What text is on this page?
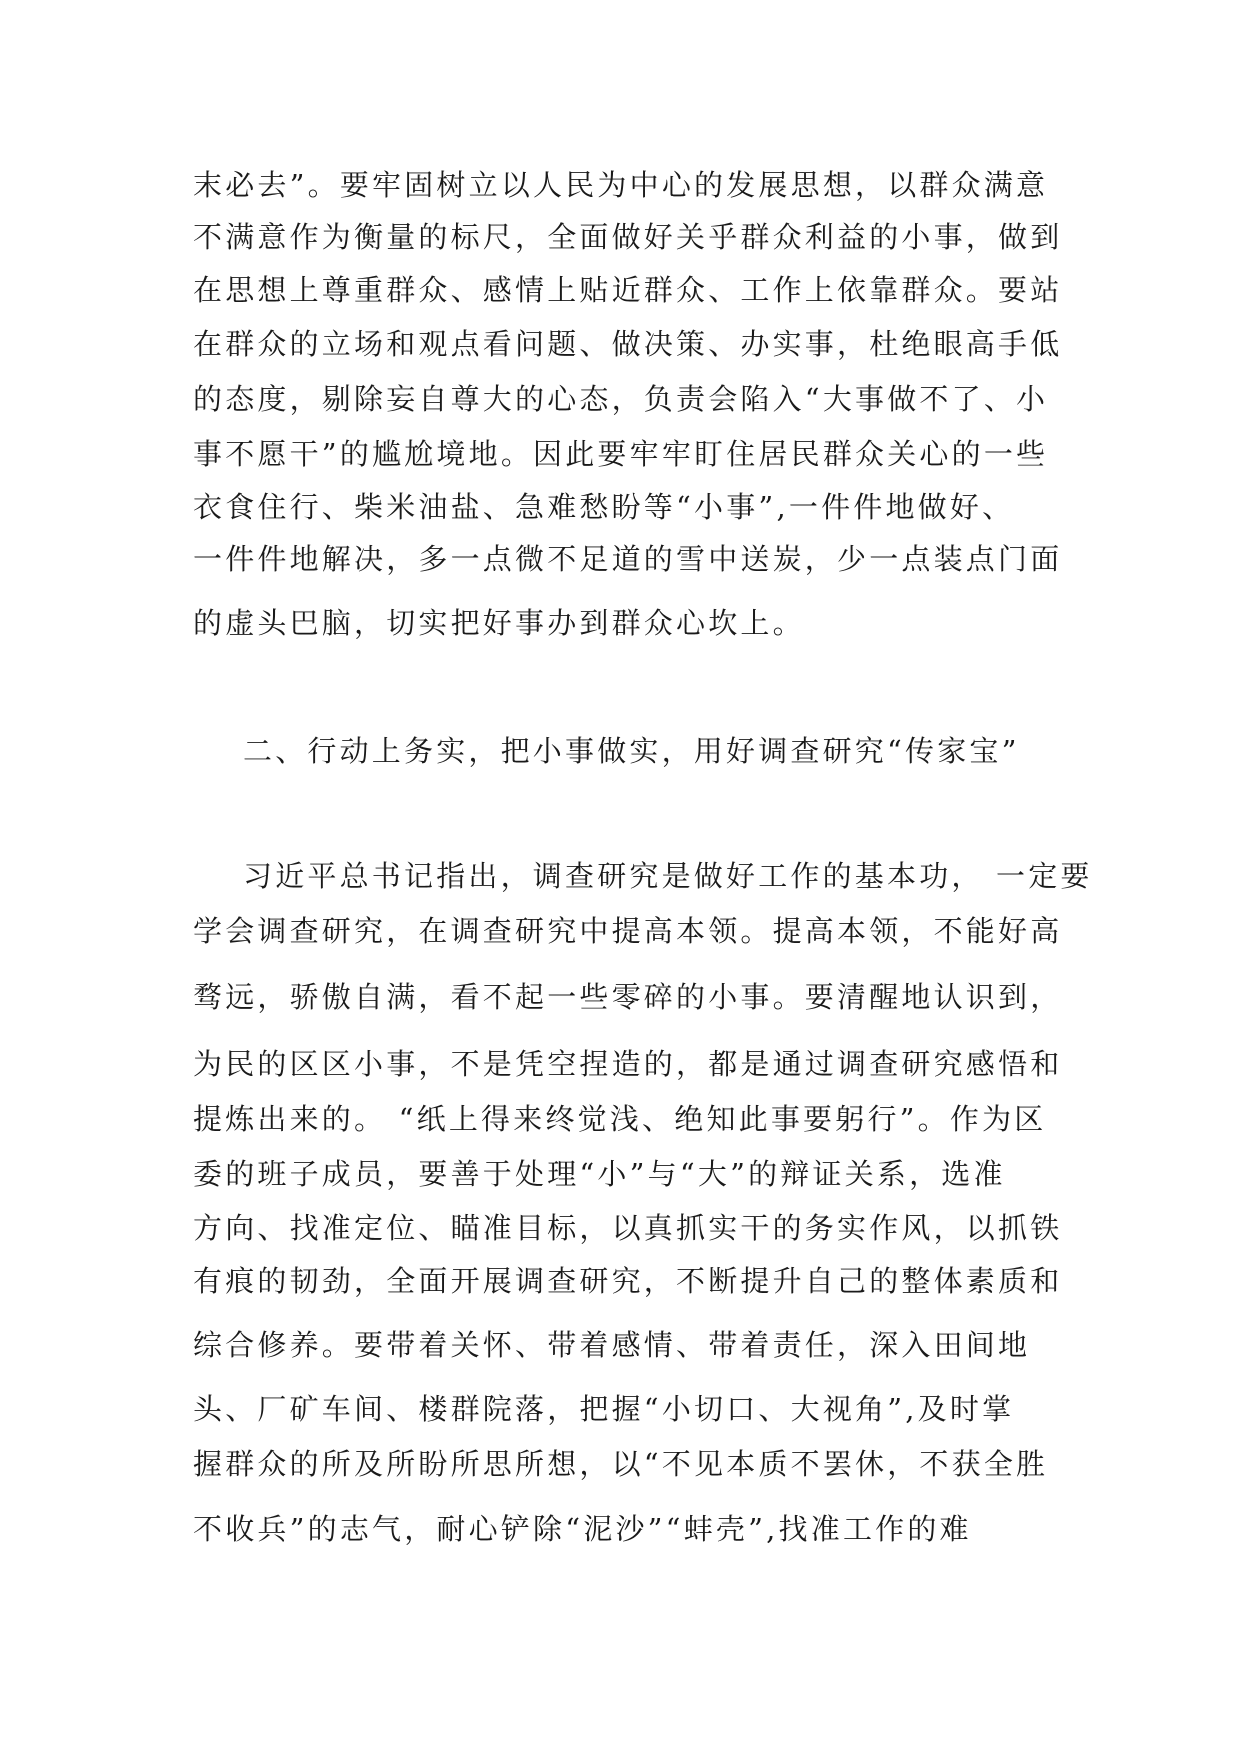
末必去”。要牢固树立以人民为中心的发展思想，以群众满意
不满意作为衡量的标尺，全面做好关乎群众利益的小事，做到
在思想上尊重群众、感情上贴近群众、工作上依靠群众。要站
在群众的立场和观点看问题、做决策、办实事，杜绝眼高手低
的态度，剔除妄自尊大的心态，负责会陷入“大事做不了、小
事不愿干”的尴尬境地。因此要牢牢盯住居民群众关心的一些
衣食住行、柴米油盐、急难愁盼等“小事”,一件件地做好、
一件件地解决，多一点微不足道的雪中送炭，少一点装点门面
的虚头巴脑，切实把好事办到群众心坎上。
二、行动上务实，把小事做实，用好调查研究“传家宝”
习近平总书记指出，调查研究是做好工作的基本功， 一定要
学会调查研究，在调查研究中提高本领。提高本领，不能好高
骛远，骄傲自满，看不起一些零碎的小事。要清醒地认识到，
为民的区区小事，不是凭空捏造的，都是通过调查研究感悟和
提炼出来的。 “纸上得来终觉浅、绝知此事要躬行”。作为区
委的班子成员，要善于处理“小”与“大”的辩证关系，选准
方向、找准定位、瞄准目标，以真抓实干的务实作风，以抓铁
有痕的韧劲，全面开展调查研究，不断提升自己的整体素质和
综合修养。要带着关怀、带着感情、带着责任，深入田间地
头、厂矿车间、楼群院落，把握“小切口、大视角”,及时掌
握群众的所及所盼所思所想，以“不见本质不罢休，不获全胜
不收兵”的志气，耐心铲除“泥沙”“蚌壳”,找准工作的难
